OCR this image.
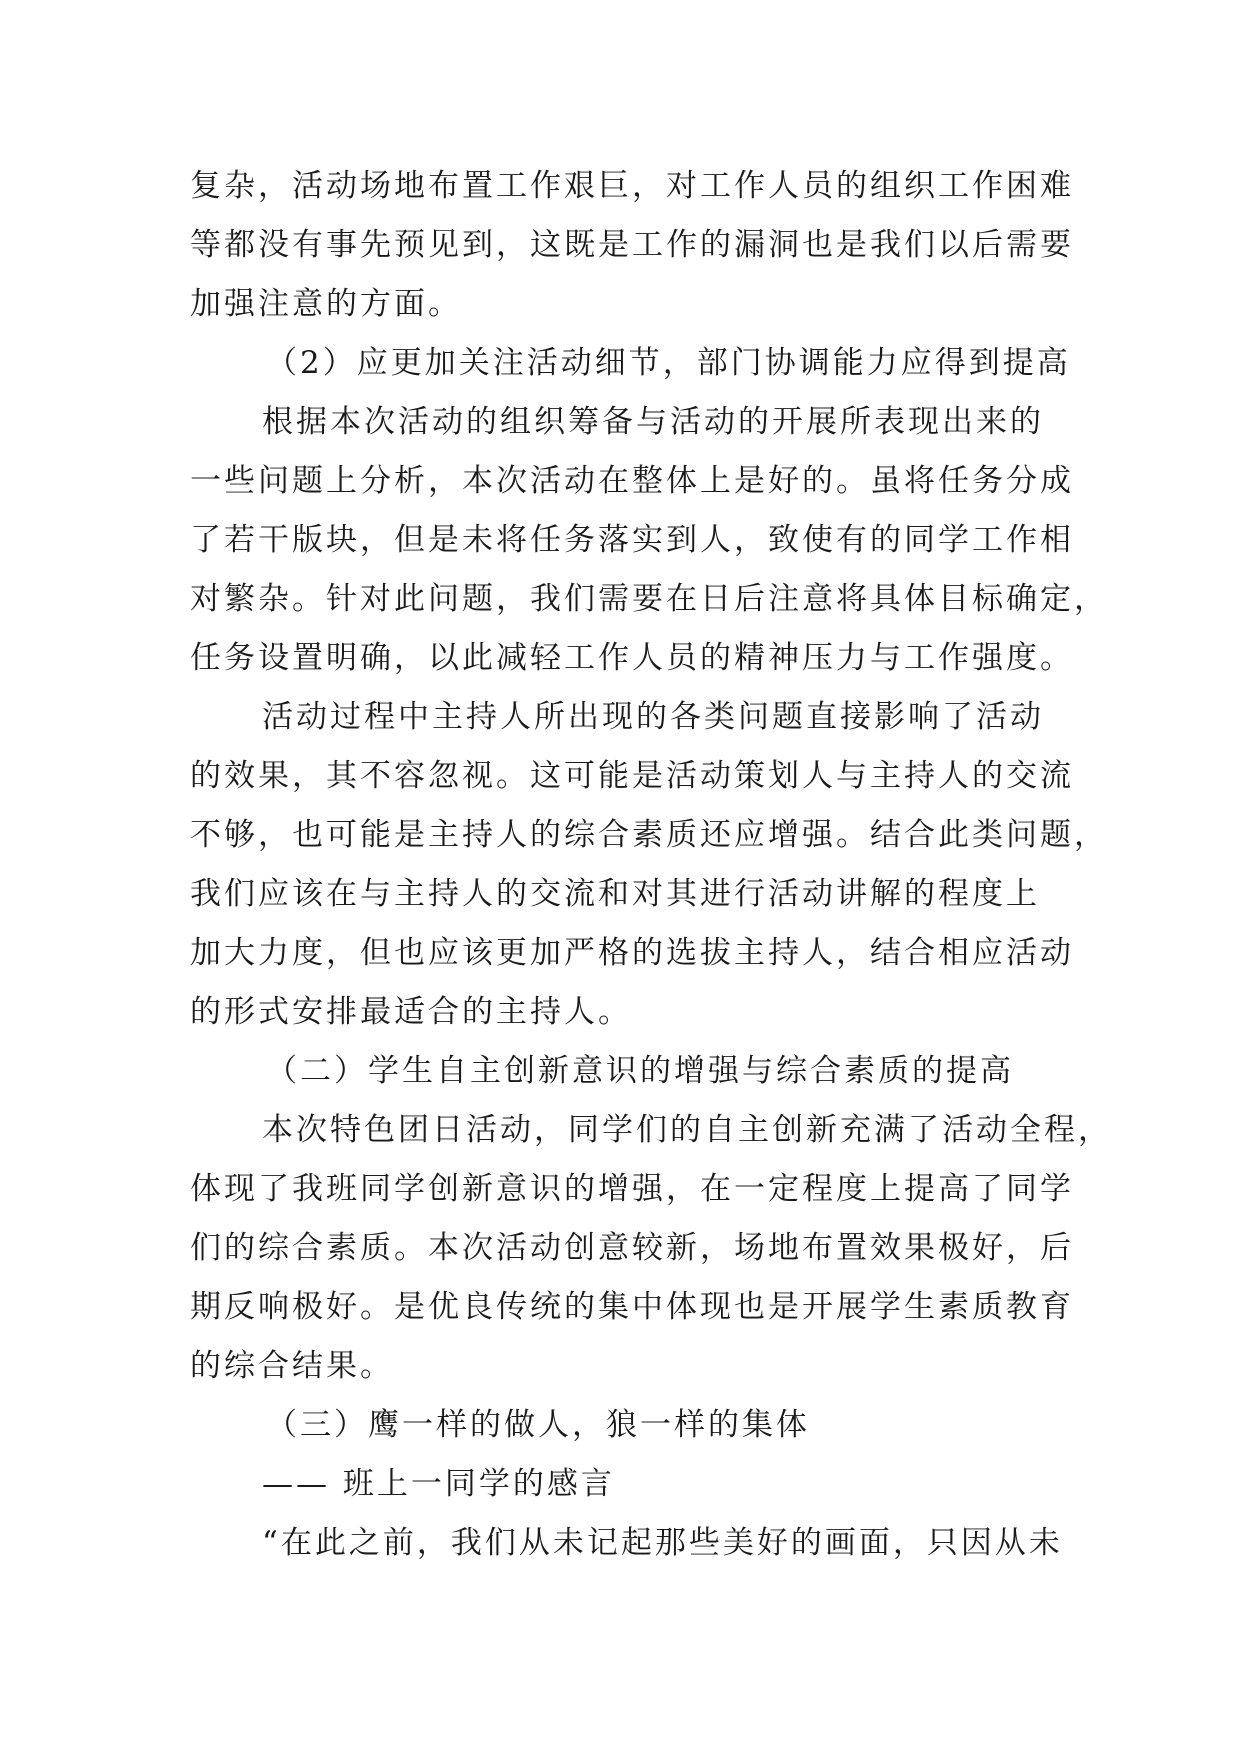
复杂，活动场地布置工作艰巨，对工作人员的组织工作困难
等都没有事先预见到，这既是工作的漏洞也是我们以后需要
加强注意的方面。
（2）应更加关注活动细节，部门协调能力应得到提高
根据本次活动的组织筹备与活动的开展所表现出来的
一些问题上分析，本次活动在整体上是好的。虽将任务分成
了若干版块，但是未将任务落实到人，致使有的同学工作相
对繁杂。针对此问题，我们需要在日后注意将具体目标确定，
任务设置明确，以此减轻工作人员的精神压力与工作强度。
活动过程中主持人所出现的各类问题直接影响了活动
的效果，其不容忽视。这可能是活动策划人与主持人的交流
不够，也可能是主持人的综合素质还应增强。结合此类问题，
我们应该在与主持人的交流和对其进行活动讲解的程度上
加大力度，但也应该更加严格的选拔主持人，结合相应活动
的形式安排最适合的主持人。
（二）学生自主创新意识的增强与综合素质的提高
本次特色团日活动，同学们的自主创新充满了活动全程，
体现了我班同学创新意识的增强，在一定程度上提高了同学
们的综合素质。本次活动创意较新，场地布置效果极好，后
期反响极好。是优良传统的集中体现也是开展学生素质教育
的综合结果。
（三）鹰一样的做人，狼一样的集体
—— 班上一同学的感言
“在此之前，我们从未记起那些美好的画面，只因从未
